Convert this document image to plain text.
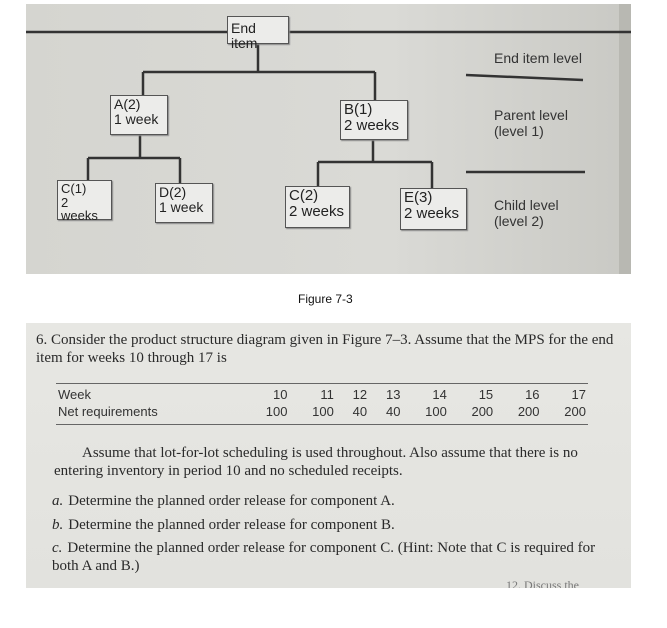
End item
A(2)
1 week
B(1)
2 weeks
C(1)
2 weeks
D(2)
1 week
C(2)
2 weeks
E(3)
2 weeks
End item level
Parent level
(level 1)
Child level
(level 2)
Figure 7-3
6. Consider the product structure diagram given in Figure 7–3. Assume that the MPS for the end item for weeks 10 through 17 is
Week	10	11	12	13	14	15	16	17
Net requirements	100	100	40	40	100	200	200	200
Assume that lot-for-lot scheduling is used throughout. Also assume that there is no entering inventory in period 10 and no scheduled receipts.
a. Determine the planned order release for component A.
b. Determine the planned order release for component B.
c. Determine the planned order release for component C. (Hint: Note that C is required for both A and B.)
12. Discuss the
